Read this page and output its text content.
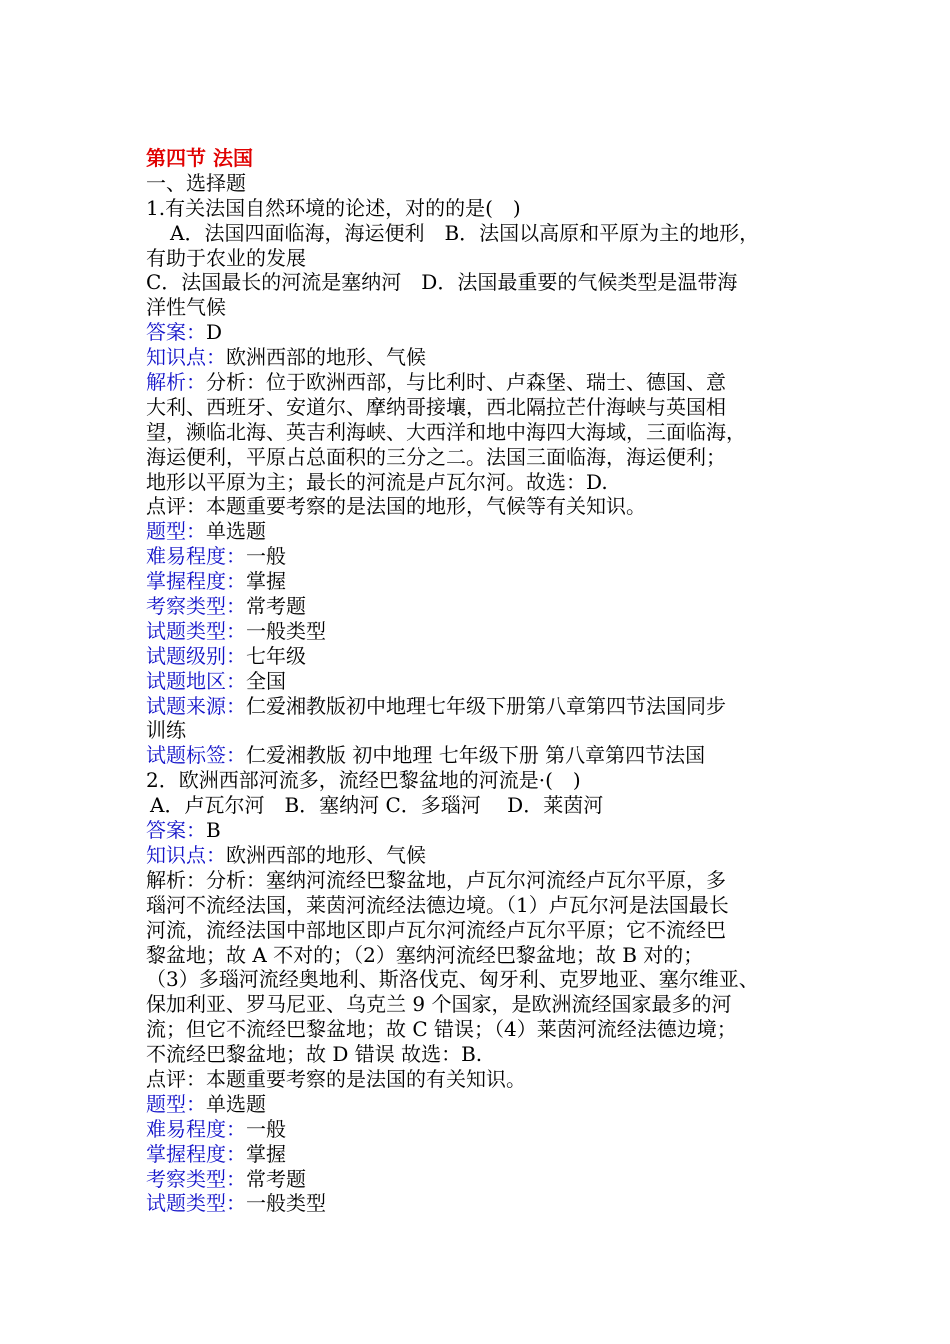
第四节 法国
一、选择题
1.有关法国自然环境的论述，对的的是(　)
A．法国四面临海，海运便利　B．法国以高原和平原为主的地形，
有助于农业的发展
C．法国最长的河流是塞纳河　D．法国最重要的气候类型是温带海
洋性气候
答案：D
知识点：欧洲西部的地形、气候
解析：分析：位于欧洲西部，与比利时、卢森堡、瑞士、德国、意
大利、西班牙、安道尔、摩纳哥接壤，西北隔拉芒什海峡与英国相
望，濒临北海、英吉利海峡、大西洋和地中海四大海域，三面临海，
海运便利，平原占总面积的三分之二。法国三面临海，海运便利；
地形以平原为主；最长的河流是卢瓦尔河。故选：D.
点评：本题重要考察的是法国的地形，气候等有关知识。
题型：单选题
难易程度：一般
掌握程度：掌握
考察类型：常考题
试题类型：一般类型
试题级别：七年级
试题地区：全国
试题来源：仁爱湘教版初中地理七年级下册第八章第四节法国同步
训练
试题标签：仁爱湘教版 初中地理 七年级下册 第八章第四节法国
2．欧洲西部河流多，流经巴黎盆地的河流是·(　)
A．卢瓦尔河　B．塞纳河 C．多瑙河　 D．莱茵河
答案：B
知识点：欧洲西部的地形、气候
解析：分析：塞纳河流经巴黎盆地，卢瓦尔河流经卢瓦尔平原，多
瑙河不流经法国，莱茵河流经法德边境。（1）卢瓦尔河是法国最长
河流，流经法国中部地区即卢瓦尔河流经卢瓦尔平原；它不流经巴
黎盆地；故 A 不对的；（2）塞纳河流经巴黎盆地；故 B 对的；
（3）多瑙河流经奥地利、斯洛伐克、匈牙利、克罗地亚、塞尔维亚、
保加利亚、罗马尼亚、乌克兰 9 个国家，是欧洲流经国家最多的河
流；但它不流经巴黎盆地；故 C 错误；（4）莱茵河流经法德边境；
不流经巴黎盆地；故 D 错误 故选：B.
点评：本题重要考察的是法国的有关知识。
题型：单选题
难易程度：一般
掌握程度：掌握
考察类型：常考题
试题类型：一般类型
